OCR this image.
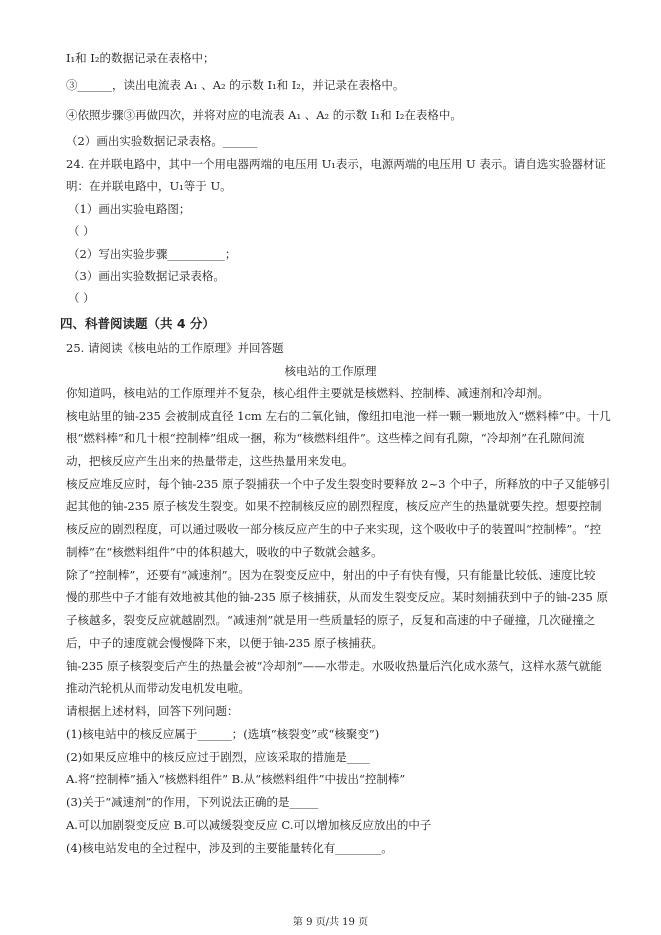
I₁和 I₂的数据记录在表格中；
③______，读出电流表 A₁ 、A₂ 的示数 I₁和 I₂，并记录在表格中。
④依照步骤③再做四次，并将对应的电流表 A₁ 、A₂ 的示数 I₁和 I₂在表格中。
（2）画出实验数据记录表格。______
24. 在并联电路中，其中一个用电器两端的电压用 U₁表示，电源两端的电压用 U 表示。请自选实验器材证
明：在并联电路中，U₁等于 U。
（1）画出实验电路图；
（ ）
（2）写出实验步骤__________；
（3）画出实验数据记录表格。
（ ）
四、科普阅读题（共 4 分）
25. 请阅读《核电站的工作原理》并回答题
核电站的工作原理
你知道吗，核电站的工作原理并不复杂，核心组件主要就是核燃料、控制棒、减速剂和冷却剂。
核电站里的铀-235 会被制成直径 1cm 左右的二氧化铀，像纽扣电池一样一颗一颗地放入“燃料棒”中。十几
根“燃料棒”和几十根“控制棒”组成一捆，称为“核燃料组件”。这些棒之间有孔隙，“冷却剂”在孔隙间流
动，把核反应产生出来的热量带走，这些热量用来发电。
核反应堆反应时，每个铀-235 原子裂捕获一个中子发生裂变时要释放 2~3 个中子，所释放的中子又能够引
起其他的铀-235 原子核发生裂变。如果不控制核反应的剧烈程度，核反应产生的热量就要失控。想要控制
核反应的剧烈程度，可以通过吸收一部分核反应产生的中子来实现，这个吸收中子的装置叫“控制棒”。“控
制棒”在“核燃料组件”中的体积越大，吸收的中子数就会越多。
除了“控制棒”，还要有“减速剂”。因为在裂变反应中，射出的中子有快有慢，只有能量比较低、速度比较
慢的那些中子才能有效地被其他的铀-235 原子核捕获，从而发生裂变反应。某时刻捕获到中子的铀-235 原
子核越多，裂变反应就越剧烈。“减速剂”就是用一些质量轻的原子，反复和高速的中子碰撞，几次碰撞之
后，中子的速度就会慢慢降下来，以便于铀-235 原子核捕获。
铀-235 原子核裂变后产生的热量会被“冷却剂”——水带走。水吸收热量后汽化成水蒸气，这样水蒸气就能
推动汽轮机从而带动发电机发电啦。
请根据上述材料，回答下列问题：
(1)核电站中的核反应属于______；(选填“核裂变”或“核聚变”)
(2)如果反应堆中的核反应过于剧烈，应该采取的措施是____
A.将“控制棒”插入“核燃料组件” B.从“核燃料组件”中拔出“控制棒”
(3)关于“减速剂”的作用，下列说法正确的是_____
A.可以加剧裂变反应 B.可以减缓裂变反应 C.可以增加核反应放出的中子
(4)核电站发电的全过程中，涉及到的主要能量转化有________。
第 9 页/共 19 页
